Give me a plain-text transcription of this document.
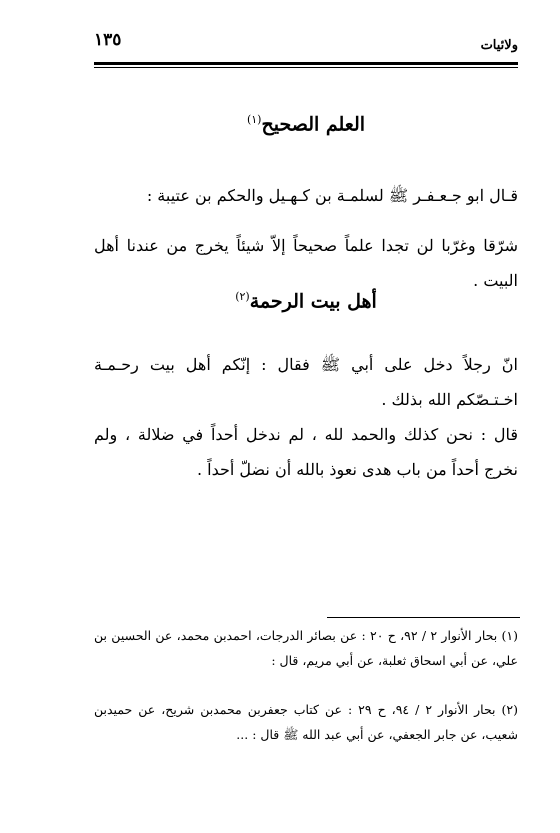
ولائيات
١٣٥
العلم الصحيح$^{(١)}$
قـال ابو جـعـفـر ﷺ لسلمـة بن كـهـيل والحكم بن عتيبة :
شرّقا وغرّبا لن تجدا علماً صحيحاً إلاّ شيئاً يخرج من عندنا أهل البيت .
أهل بيت الرحمة$^{(٢)}$
انّ رجلاً دخل على أبي ﷺ فقال : إنّكم أهل بيت رحـمـة اخـتـصّكم الله بذلك .
قال : نحن كذلك والحمد لله ، لم ندخل أحداً في ضلالة ، ولم نخرج أحداً من باب هدى نعوذ بالله أن نضلّ أحداً .
(١) بحار الأنوار ٢ / ٩٢، ح ٢٠ : عن بصائر الدرجات، احمدبن محمد، عن الحسين بن علي، عن أبي اسحاق ثعلبة، عن أبي مريم، قال :
(٢) بحار الأنوار ٢ / ٩٤، ح ٢٩ : عن كتاب جعفربن محمدبن شريح، عن حميدبن شعيب، عن جابر الجعفي، عن أبي عبد الله ﷺ قال : ...
